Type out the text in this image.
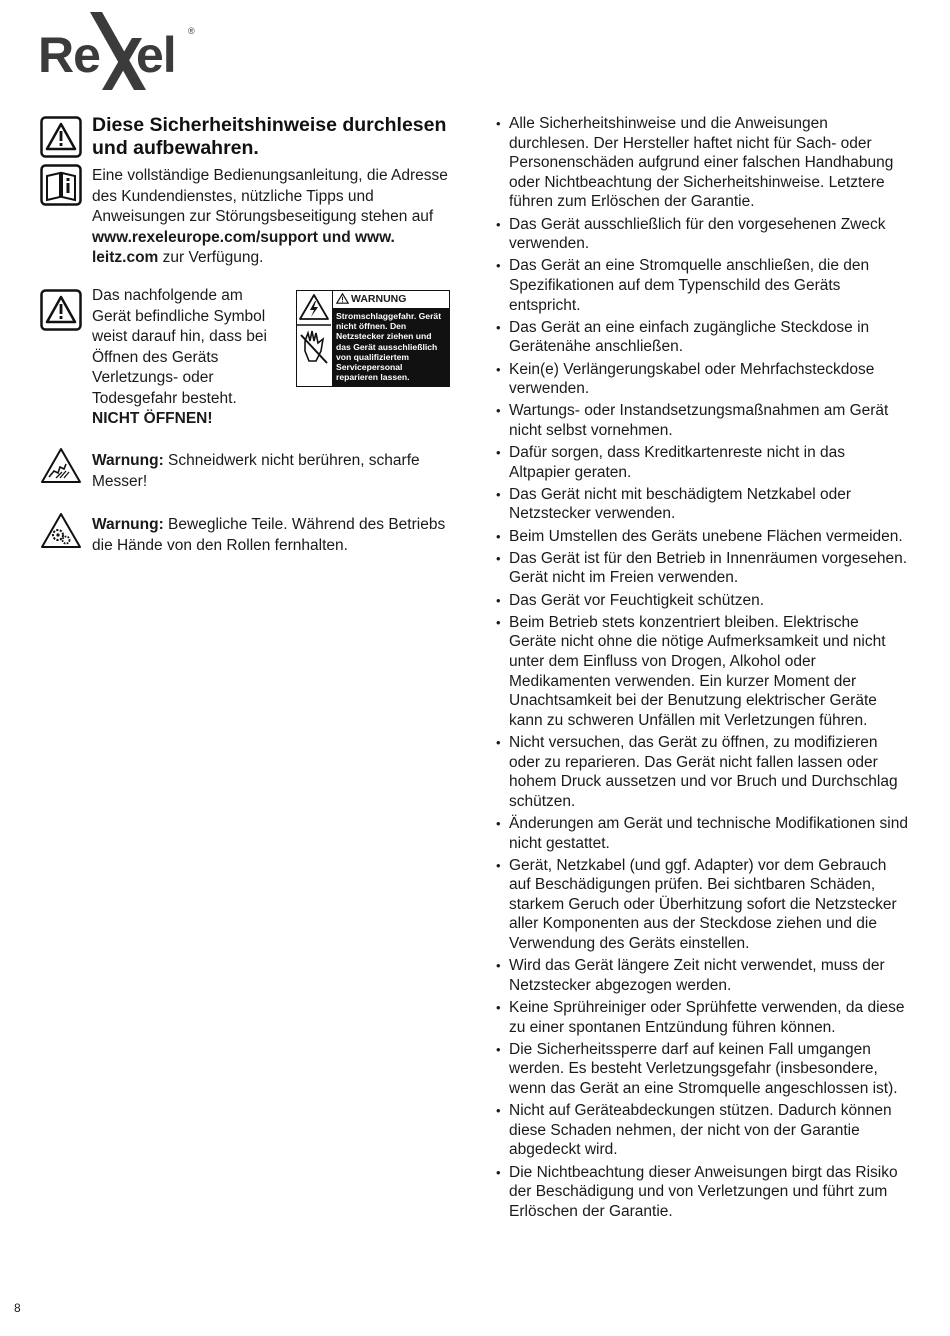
Re el ®
Diese Sicherheitshinweise durchlesen und aufbewahren.

Eine vollständige Bedienungsanleitung, die Adresse des Kundendienstes, nützliche Tipps und Anweisungen zur Störungsbeseitigung stehen auf www.rexeleurope.com/support und www. leitz.com zur Verfügung.

Das nachfolgende am Gerät befindliche Symbol weist darauf hin, dass bei Öffnen des Geräts Verletzungs- oder Todesgefahr besteht.
NICHT ÖFFNEN!

WARNUNG
Stromschlaggefahr. Gerät nicht öffnen. Den Netzstecker ziehen und das Gerät ausschließlich von qualifiziertem Servicepersonal reparieren lassen.

Warnung: Schneidwerk nicht berühren, scharfe Messer!

Warnung: Bewegliche Teile. Während des Betriebs die Hände von den Rollen fernhalten.

• Alle Sicherheitshinweise und die Anweisungen durchlesen. Der Hersteller haftet nicht für Sach- oder Personenschäden aufgrund einer falschen Handhabung oder Nichtbeachtung der Sicherheitshinweise. Letztere führen zum Erlöschen der Garantie.
• Das Gerät ausschließlich für den vorgesehenen Zweck verwenden.
• Das Gerät an eine Stromquelle anschließen, die den Spezifikationen auf dem Typenschild des Geräts entspricht.
• Das Gerät an eine einfach zugängliche Steckdose in Gerätenähe anschließen.
• Kein(e) Verlängerungskabel oder Mehrfachsteckdose verwenden.
• Wartungs- oder Instandsetzungsmaßnahmen am Gerät nicht selbst vornehmen.
• Dafür sorgen, dass Kreditkartenreste nicht in das Altpapier geraten.
• Das Gerät nicht mit beschädigtem Netzkabel oder Netzstecker verwenden.
• Beim Umstellen des Geräts unebene Flächen vermeiden.
• Das Gerät ist für den Betrieb in Innenräumen vorgesehen. Gerät nicht im Freien verwenden.
• Das Gerät vor Feuchtigkeit schützen.
• Beim Betrieb stets konzentriert bleiben. Elektrische Geräte nicht ohne die nötige Aufmerksamkeit und nicht unter dem Einfluss von Drogen, Alkohol oder Medikamenten verwenden. Ein kurzer Moment der Unachtsamkeit bei der Benutzung elektrischer Geräte kann zu schweren Unfällen mit Verletzungen führen.
• Nicht versuchen, das Gerät zu öffnen, zu modifizieren oder zu reparieren. Das Gerät nicht fallen lassen oder hohem Druck aussetzen und vor Bruch und Durchschlag schützen.
• Änderungen am Gerät und technische Modifikationen sind nicht gestattet.
• Gerät, Netzkabel (und ggf. Adapter) vor dem Gebrauch auf Beschädigungen prüfen. Bei sichtbaren Schäden, starkem Geruch oder Überhitzung sofort die Netzstecker aller Komponenten aus der Steckdose ziehen und die Verwendung des Geräts einstellen.
• Wird das Gerät längere Zeit nicht verwendet, muss der Netzstecker abgezogen werden.
• Keine Sprühreiniger oder Sprühfette verwenden, da diese zu einer spontanen Entzündung führen können.
• Die Sicherheitssperre darf auf keinen Fall umgangen werden. Es besteht Verletzungsgefahr (insbesondere, wenn das Gerät an eine Stromquelle angeschlossen ist).
• Nicht auf Geräteabdeckungen stützen. Dadurch können diese Schaden nehmen, der nicht von der Garantie abgedeckt wird.
• Die Nichtbeachtung dieser Anweisungen birgt das Risiko der Beschädigung und von Verletzungen und führt zum Erlöschen der Garantie.
8
